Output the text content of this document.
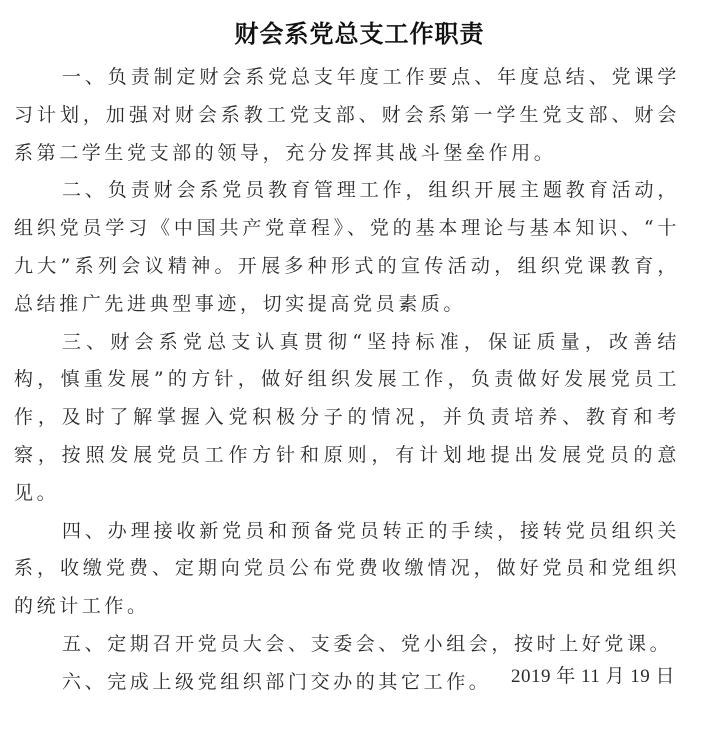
财会系党总支工作职责

一、负责制定财会系党总支年度工作要点、年度总结、党课学习计划，加强对财会系教工党支部、财会系第一学生党支部、财会系第二学生党支部的领导，充分发挥其战斗堡垒作用。

二、负责财会系党员教育管理工作，组织开展主题教育活动，组织党员学习《中国共产党章程》、党的基本理论与基本知识、“十九大”系列会议精神。开展多种形式的宣传活动，组织党课教育，总结推广先进典型事迹，切实提高党员素质。

三、财会系党总支认真贯彻“坚持标准，保证质量，改善结构，慎重发展”的方针，做好组织发展工作，负责做好发展党员工作，及时了解掌握入党积极分子的情况，并负责培养、教育和考察，按照发展党员工作方针和原则，有计划地提出发展党员的意见。

四、办理接收新党员和预备党员转正的手续，接转党员组织关系，收缴党费、定期向党员公布党费收缴情况，做好党员和党组织的统计工作。

五、定期召开党员大会、支委会、党小组会，按时上好党课。

六、完成上级党组织部门交办的其它工作。	2019 年 11 月 19 日
